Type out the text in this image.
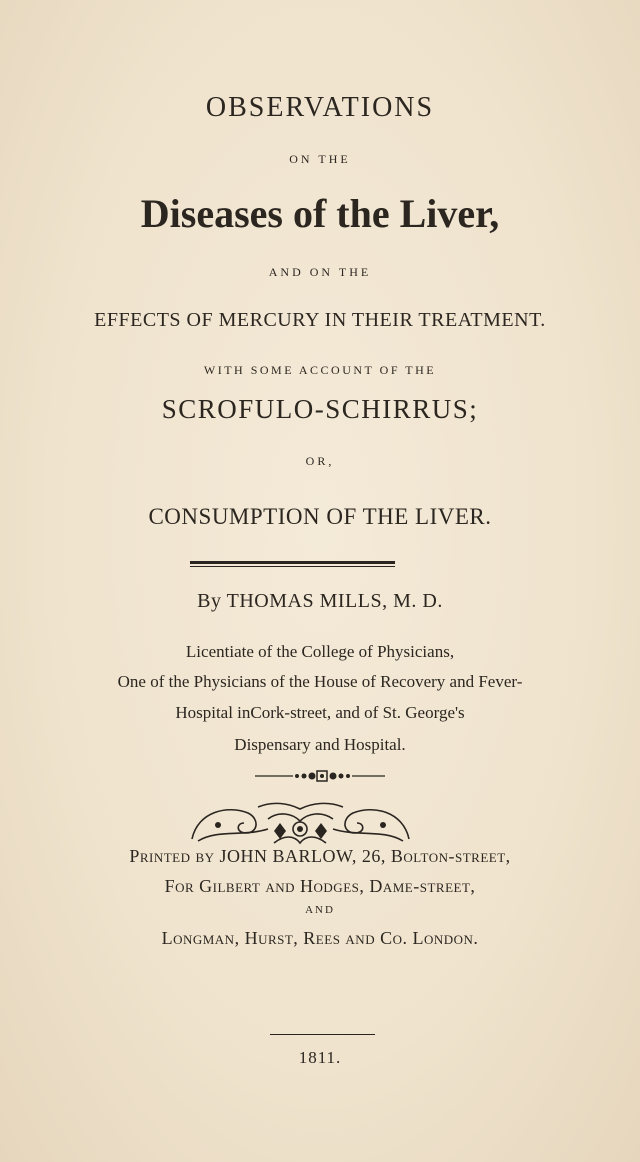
OBSERVATIONS
ON THE
Diseases of the Liver,
AND ON THE
EFFECTS OF MERCURY IN THEIR TREATMENT.
WITH SOME ACCOUNT OF THE
SCROFULO-SCHIRRUS;
OR,
CONSUMPTION OF THE LIVER.
By THOMAS MILLS, M. D.
Licentiate of the College of Physicians,
One of the Physicians of the House of Recovery and Fever-
Hospital inCork-street, and of St. George's
Dispensary and Hospital.
Printed by JOHN BARLOW, 26, Bolton-street,
For Gilbert and Hodges, Dame-street,
AND
Longman, Hurst, Rees and Co. London.
1811.
